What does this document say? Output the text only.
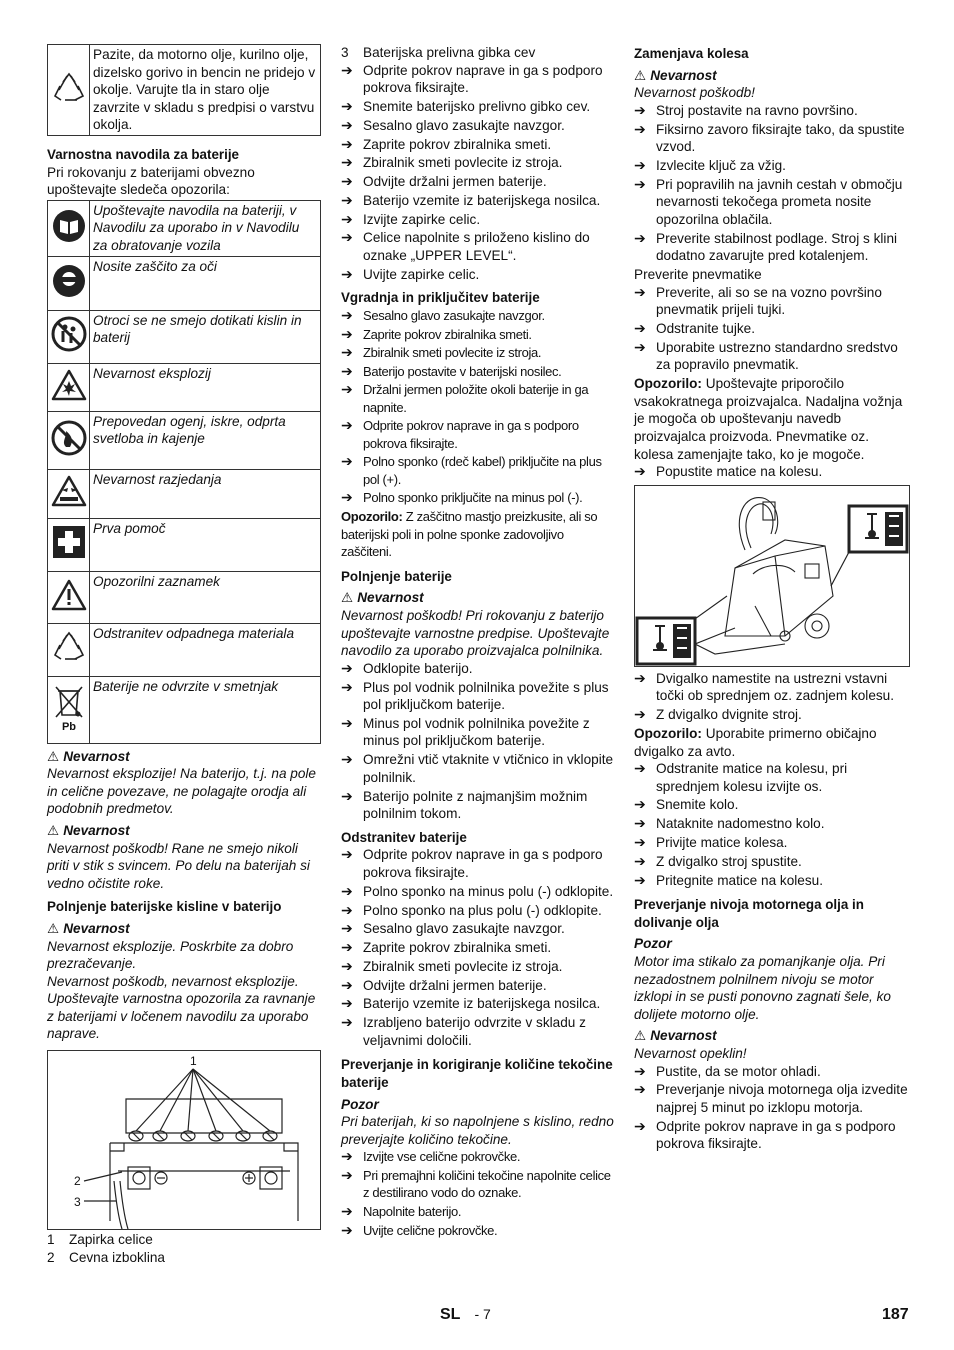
	Pazite, da motorno olje, kurilno olje, dizelsko gorivo in bencin ne pridejo v okolje. Varujte tla in staro olje zavrzite v skladu s predpisi o varstvu okolja.

Varnostna navodila za baterije

Pri rokovanju z baterijami obvezno upoštevajte sledeča opozorila:

	Upoštevajte navodila na bateriji, v Navodilu za uporabo in v Navodilu za obratovanje vozila
	Nosite zaščito za oči
	Otroci se ne smejo dotikati kislin in baterij
	Nevarnost eksplozij
	Prepovedan ogenj, iskre, odprta svetloba in kajenje
	Nevarnost razjedanja
	Prva pomoč
	Opozorilni zaznamek
	Odstranitev odpadnega materiala

Pb	Baterije ne odvrzite v smetnjak

⚠ Nevarnost

Nevarnost eksplozije! Na baterijo, t.j. na pole in celične povezave, ne polagajte orodja ali podobnih predmetov.

⚠ Nevarnost

Nevarnost poškodb! Rane ne smejo nikoli priti v stik s svincem. Po delu na baterijah si vedno očistite roke.

Polnjenje baterijske kisline v baterijo

⚠ Nevarnost

Nevarnost eksplozije. Poskrbite za dobro prezračevanje.

Nevarnost poškodb, nevarnost eksplozije. Upoštevajte varnostna opozorila za ravnanje z baterijami v ločenem navodilu za uporabo naprave.

1
2
3

1 Zapirka celice

2 Cevna izboklina

3 Baterijska prelivna gibka cev

➔ Odprite pokrov naprave in ga s podporo pokrova fiksirajte.
➔ Snemite baterijsko prelivno gibko cev.
➔ Sesalno glavo zasukajte navzgor.
➔ Zaprite pokrov zbiralnika smeti.
➔ Zbiralnik smeti povlecite iz stroja.
➔ Odvijte držalni jermen baterije.
➔ Baterijo vzemite iz baterijskega nosilca.
➔ Izvijte zapirke celic.
➔ Celice napolnite s priloženo kislino do oznake „UPPER LEVEL“.
➔ Uvijte zapirke celic.

Vgradnja in priključitev baterije

➔ Sesalno glavo zasukajte navzgor.
➔ Zaprite pokrov zbiralnika smeti.
➔ Zbiralnik smeti povlecite iz stroja.
➔ Baterijo postavite v baterijski nosilec.
➔ Držalni jermen položite okoli baterije in ga napnite.
➔ Odprite pokrov naprave in ga s podporo pokrova fiksirajte.
➔ Polno sponko (rdeč kabel) priključite na plus pol (+).
➔ Polno sponko priključite na minus pol (-).

Opozorilo: Z zaščitno mastjo preizkusite, ali so baterijski poli in polne sponke zadovoljivo zaščiteni.

Polnjenje baterije

⚠ Nevarnost

Nevarnost poškodb! Pri rokovanju z baterijo upoštevajte varnostne predpise. Upoštevajte navodilo za uporabo proizvajalca polnilnika.

➔ Odklopite baterijo.
➔ Plus pol vodnik polnilnika povežite s plus pol priključkom baterije.
➔ Minus pol vodnik polnilnika povežite z minus pol priključkom baterije.
➔ Omrežni vtič vtaknite v vtičnico in vklopite polnilnik.
➔ Baterijo polnite z najmanjšim možnim polnilnim tokom.

Odstranitev baterije

➔ Odprite pokrov naprave in ga s podporo pokrova fiksirajte.
➔ Polno sponko na minus polu (-) odklopite.
➔ Polno sponko na plus polu (-) odklopite.
➔ Sesalno glavo zasukajte navzgor.
➔ Zaprite pokrov zbiralnika smeti.
➔ Zbiralnik smeti povlecite iz stroja.
➔ Odvijte držalni jermen baterije.
➔ Baterijo vzemite iz baterijskega nosilca.
➔ Izrabljeno baterijo odvrzite v skladu z veljavnimi določili.

Preverjanje in korigiranje količine tekočine baterije

Pozor

Pri baterijah, ki so napolnjene s kislino, redno preverjajte količino tekočine.

➔ Izvijte vse celične pokrovčke.
➔ Pri premajhni količini tekočine napolnite celice z destilirano vodo do oznake.
➔ Napolnite baterijo.
➔ Uvijte celične pokrovčke.

Zamenjava kolesa

⚠ Nevarnost

Nevarnost poškodb!

➔ Stroj postavite na ravno površino.
➔ Fiksirno zavoro fiksirajte tako, da spustite vzvod.
➔ Izvlecite ključ za vžig.
➔ Pri popravilih na javnih cestah v območju nevarnosti tekočega prometa nosite opozorilna oblačila.
➔ Preverite stabilnost podlage. Stroj s klini dodatno zavarujte pred kotalenjem.

Preverite pnevmatike

➔ Preverite, ali so se na vozno površino pnevmatik prijeli tujki.
➔ Odstranite tujke.
➔ Uporabite ustrezno standardno sredstvo za popravilo pnevmatik.

Opozorilo: Upoštevajte priporočilo vsakokratnega proizvajalca. Nadaljna vožnja je mogoča ob upoštevanju navedb proizvajalca proizvoda. Pnevmatike oz. kolesa zamenjajte tako, ko je mogoče.

➔ Popustite matice na kolesu.
➔ Dvigalko namestite na ustrezni vstavni točki ob sprednjem oz. zadnjem kolesu.
➔ Z dvigalko dvignite stroj.

Opozorilo: Uporabite primerno običajno dvigalko za avto.

➔ Odstranite matice na kolesu, pri sprednjem kolesu izvijte os.
➔ Snemite kolo.
➔ Nataknite nadomestno kolo.
➔ Privijte matice kolesa.
➔ Z dvigalko stroj spustite.
➔ Pritegnite matice na kolesu.

Preverjanje nivoja motornega olja in dolivanje olja

Pozor

Motor ima stikalo za pomanjkanje olja. Pri nezadostnem polnilnem nivoju se motor izklopi in se pusti ponovno zagnati šele, ko dolijete motorno olje.

⚠ Nevarnost

Nevarnost opeklin!

➔ Pustite, da se motor ohladi.
➔ Preverjanje nivoja motornega olja izvedite najprej 5 minut po izklopu motorja.
➔ Odprite pokrov naprave in ga s podporo pokrova fiksirajte.
SL - 7	187
